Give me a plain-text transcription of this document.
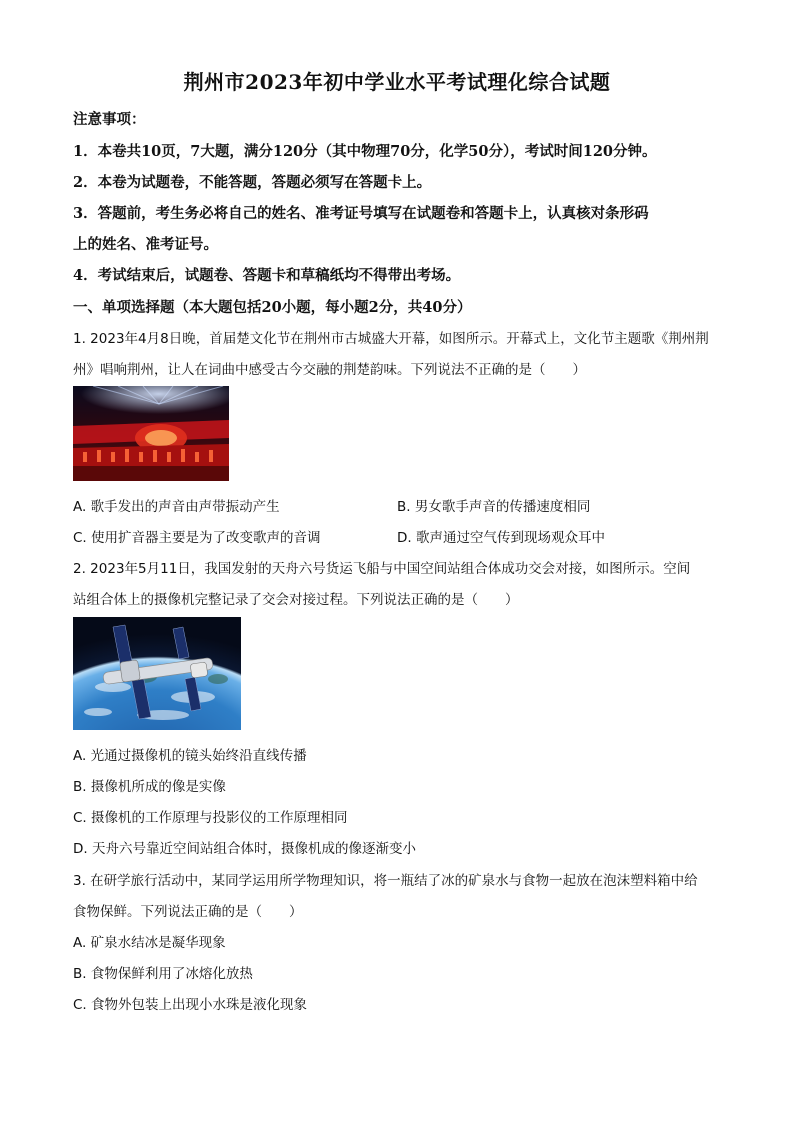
荆州市2023年初中学业水平考试理化综合试题
注意事项：
1．本卷共10页，7大题，满分120分（其中物理70分，化学50分），考试时间120分钟。
2．本卷为试题卷，不能答题，答题必须写在答题卡上。
3．答题前，考生务必将自己的姓名、准考证号填写在试题卷和答题卡上，认真核对条形码
上的姓名、准考证号。
4．考试结束后，试题卷、答题卡和草稿纸均不得带出考场。
一、单项选择题（本大题包括20小题，每小题2分，共40分）
1. 2023年4月8日晚，首届楚文化节在荆州市古城盛大开幕，如图所示。开幕式上，文化节主题歌《荆州荆
州》唱响荆州，让人在词曲中感受古今交融的荆楚韵味。下列说法不正确的是（　　）
A. 歌手发出的声音由声带振动产生	B. 男女歌手声音的传播速度相同
C. 使用扩音器主要是为了改变歌声的音调	D. 歌声通过空气传到现场观众耳中
2. 2023年5月11日，我国发射的天舟六号货运飞船与中国空间站组合体成功交会对接，如图所示。空间
站组合体上的摄像机完整记录了交会对接过程。下列说法正确的是（　　）
A. 光通过摄像机的镜头始终沿直线传播
B. 摄像机所成的像是实像
C. 摄像机的工作原理与投影仪的工作原理相同
D. 天舟六号靠近空间站组合体时，摄像机成的像逐渐变小
3. 在研学旅行活动中，某同学运用所学物理知识，将一瓶结了冰的矿泉水与食物一起放在泡沫塑料箱中给
食物保鲜。下列说法正确的是（　　）
A. 矿泉水结冰是凝华现象
B. 食物保鲜利用了冰熔化放热
C. 食物外包装上出现小水珠是液化现象
